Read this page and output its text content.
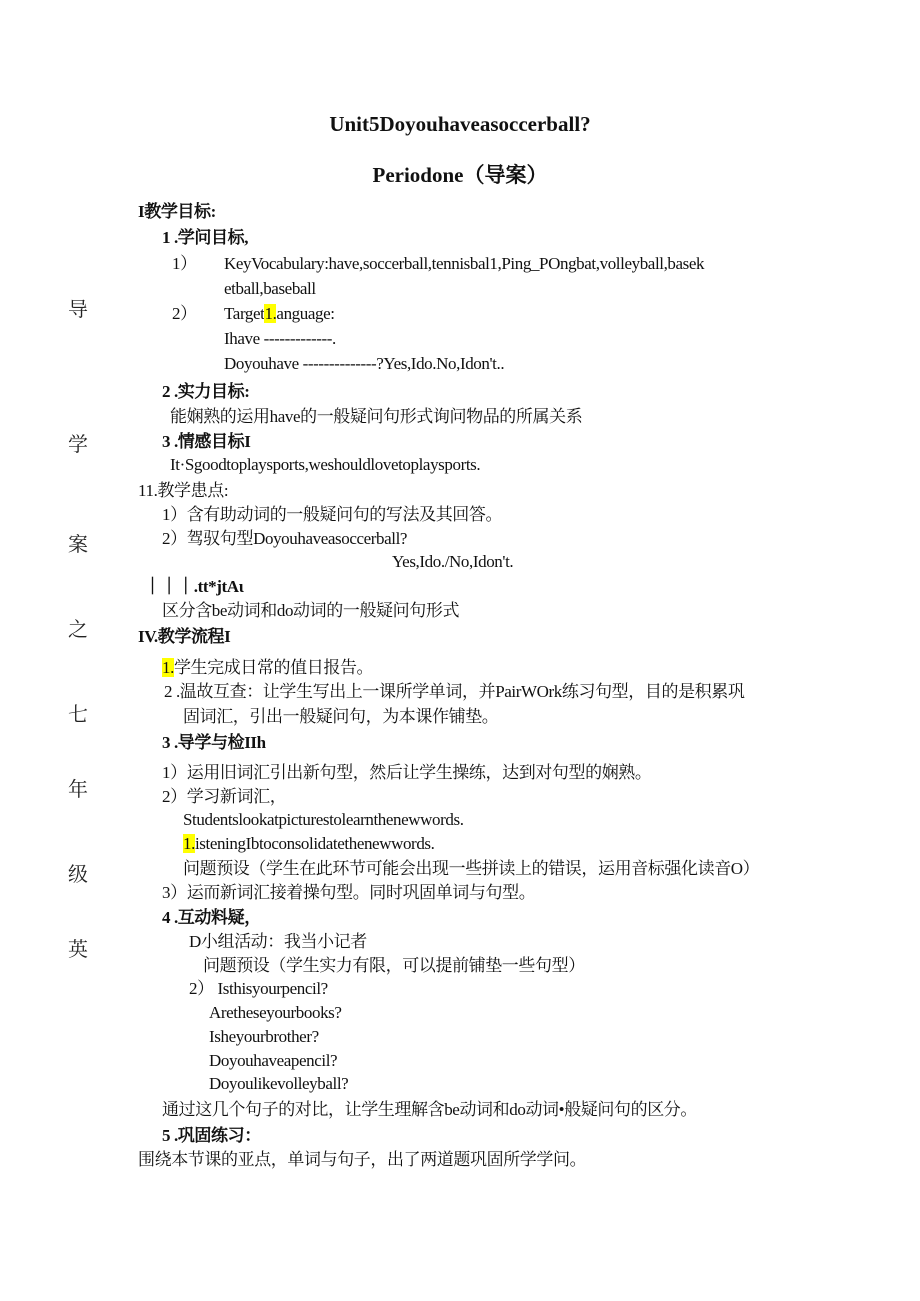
Unit5Doyouhaveasoccerball?
Periodone（导案）
导
学
案
之
七
年
级
英
I教学目标:
1 .学问目标,
1） KeyVocabulary:have,soccerball,tennisbal1,Ping_POngbat,volleyball,basek
etball,baseball
2） Target1.anguage:
Ihave -------------.
Doyouhave --------------?Yes,Ido.No,Idon't..
2 .实力目标:
能娴熟的运用have的一般疑问句形式询问物品的所属关系
3 .情感目标I
It·Sgoodtoplaysports,weshouldlovetoplaysports.
11.教学患点:
1）含有助动词的一般疑问句的写法及其回答。
2）驾驭句型Doyouhaveasoccerball?
Yes,Ido./No,Idon't.
｜｜｜.tt*jtAι
区分含be动词和do动词的一般疑问句形式
IV.教学流程I
1.学生完成日常的值日报告。
2 .温故互查：让学生写出上一课所学单词，并PairWOrk练习句型，目的是积累巩
固词汇，引出一般疑问句，为本课作铺垫。
3 .导学与检IIh
1）运用旧词汇引出新句型，然后让学生操练，达到对句型的娴熟。
2）学习新词汇，
Studentslookatpicturestolearnthenewwords.
1.isteningIbtoconsolidatethenewwords.
问题预设（学生在此环节可能会出现一些拼读上的错误，运用音标强化读音O）
3）运而新词汇接着操句型。同时巩固单词与句型。
4 .互动料疑，
D小组活动：我当小记者
问题预设（学生实力有限，可以提前铺垫一些句型）
2） Isthisyourpencil?
Aretheseyourbooks?
Isheyourbrother?
Doyouhaveapencil?
Doyoulikevolleyball?
通过这几个句子的对比，让学生理解含be动词和do动词•般疑问句的区分。
5 .巩固练习：
围绕本节课的亚点，单词与句子，出了两道题巩固所学学问。
